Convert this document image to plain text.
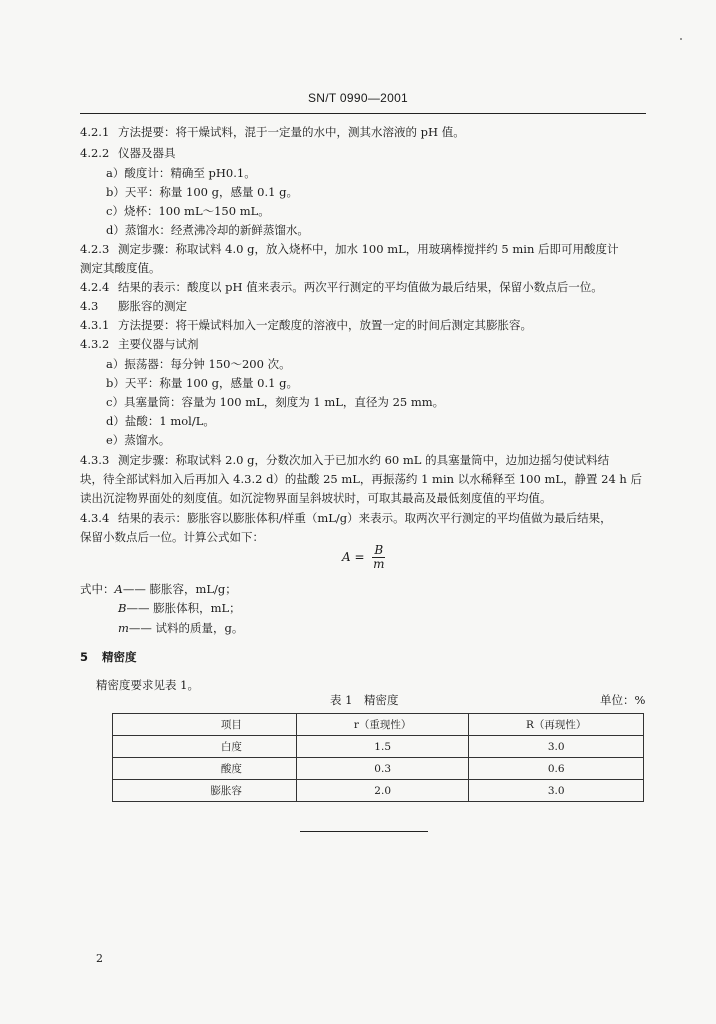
SN/T 0990—2001
4.2.1 方法提要：将干燥试料，混于一定量的水中，测其水溶液的 pH 值。
4.2.2 仪器及器具
a）酸度计：精确至 pH0.1。
b）天平：称量 100 g，感量 0.1 g。
c）烧杯：100 mL～150 mL。
d）蒸馏水：经煮沸冷却的新鲜蒸馏水。
4.2.3 测定步骤：称取试料 4.0 g，放入烧杯中，加水 100 mL，用玻璃棒搅拌约 5 min 后即可用酸度计
测定其酸度值。
4.2.4 结果的表示：酸度以 pH 值来表示。两次平行测定的平均值做为最后结果，保留小数点后一位。
4.3 膨胀容的测定
4.3.1 方法提要：将干燥试料加入一定酸度的溶液中，放置一定的时间后测定其膨胀容。
4.3.2 主要仪器与试剂
a）振荡器：每分钟 150～200 次。
b）天平：称量 100 g，感量 0.1 g。
c）具塞量筒：容量为 100 mL，刻度为 1 mL，直径为 25 mm。
d）盐酸：1 mol/L。
e）蒸馏水。
4.3.3 测定步骤：称取试料 2.0 g，分数次加入于已加水约 60 mL 的具塞量筒中，边加边摇匀使试料结
块，待全部试料加入后再加入 4.3.2 d）的盐酸 25 mL，再振荡约 1 min 以水稀释至 100 mL，静置 24 h 后
读出沉淀物界面处的刻度值。如沉淀物界面呈斜坡状时，可取其最高及最低刻度值的平均值。
4.3.4 结果的表示：膨胀容以膨胀体积/样重（mL/g）来表示。取两次平行测定的平均值做为最后结果，
保留小数点后一位。计算公式如下：
$A = \frac{B}{m}$
式中：A—— 膨胀容，mL/g；
B—— 膨胀体积，mL；
m—— 试料的质量，g。
5 精密度
精密度要求见表 1。
表 1　精密度	单位：%
项目	r（重现性）	R（再现性）
白度	1.5	3.0
酸度	0.3	0.6
膨胀容	2.0	3.0
2
